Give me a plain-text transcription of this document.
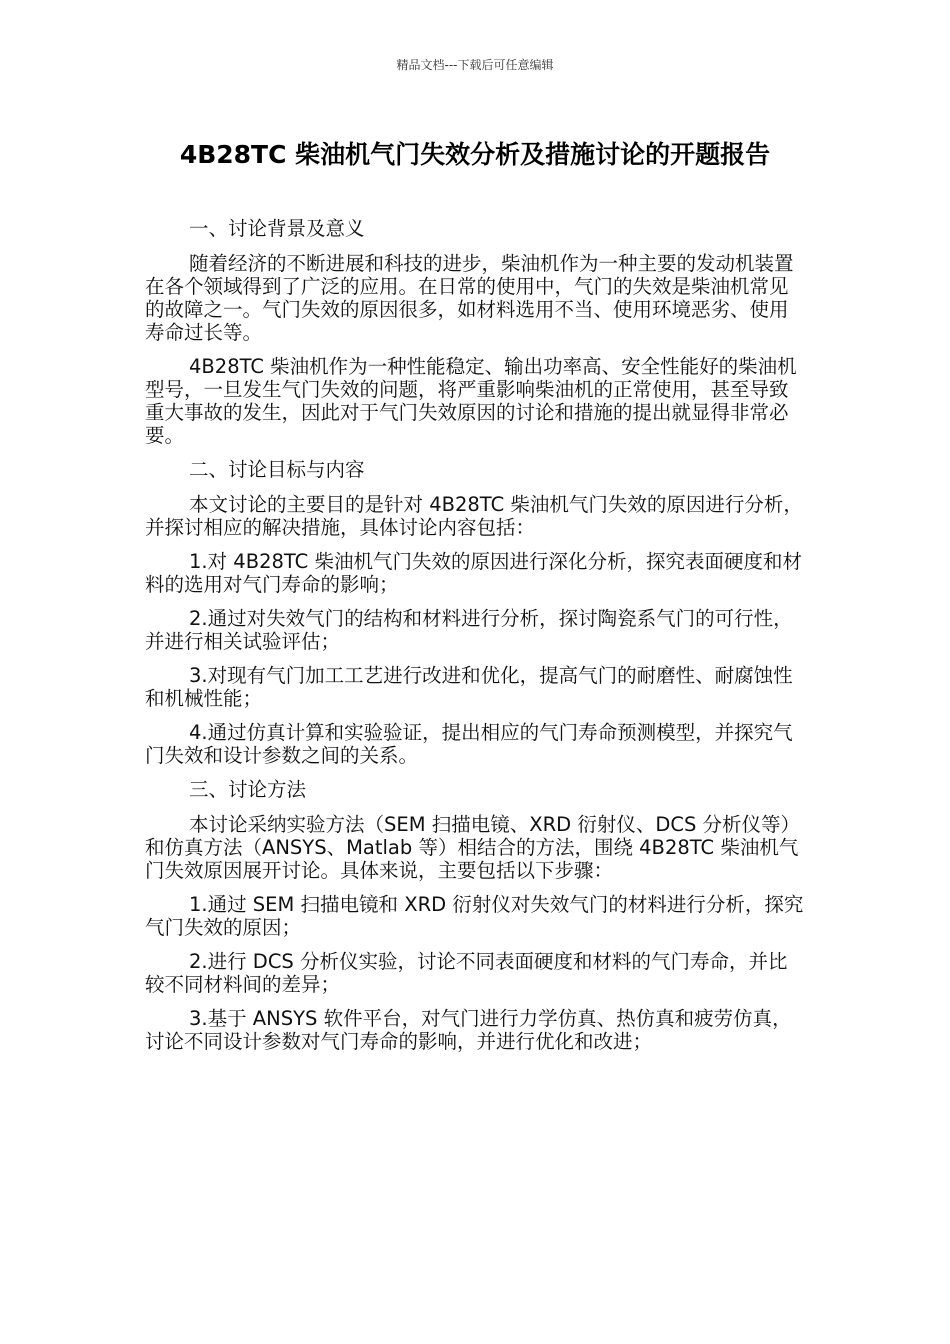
精品文档---下载后可任意编辑
4B28TC 柴油机气门失效分析及措施讨论的开题报告

一、讨论背景及意义

随着经济的不断进展和科技的进步，柴油机作为一种主要的发动机装置在各个领域得到了广泛的应用。在日常的使用中，气门的失效是柴油机常见的故障之一。气门失效的原因很多，如材料选用不当、使用环境恶劣、使用寿命过长等。

4B28TC 柴油机作为一种性能稳定、输出功率高、安全性能好的柴油机型号，一旦发生气门失效的问题，将严重影响柴油机的正常使用，甚至导致重大事故的发生，因此对于气门失效原因的讨论和措施的提出就显得非常必要。

二、讨论目标与内容

本文讨论的主要目的是针对 4B28TC 柴油机气门失效的原因进行分析，并探讨相应的解决措施，具体讨论内容包括：

1.对 4B28TC 柴油机气门失效的原因进行深化分析，探究表面硬度和材料的选用对气门寿命的影响；

2.通过对失效气门的结构和材料进行分析，探讨陶瓷系气门的可行性，并进行相关试验评估；

3.对现有气门加工工艺进行改进和优化，提高气门的耐磨性、耐腐蚀性和机械性能；

4.通过仿真计算和实验验证，提出相应的气门寿命预测模型，并探究气门失效和设计参数之间的关系。

三、讨论方法

本讨论采纳实验方法（SEM 扫描电镜、XRD 衍射仪、DCS 分析仪等）和仿真方法（ANSYS、Matlab 等）相结合的方法，围绕 4B28TC 柴油机气门失效原因展开讨论。具体来说，主要包括以下步骤：

1.通过 SEM 扫描电镜和 XRD 衍射仪对失效气门的材料进行分析，探究气门失效的原因；

2.进行 DCS 分析仪实验，讨论不同表面硬度和材料的气门寿命，并比较不同材料间的差异；

3.基于 ANSYS 软件平台，对气门进行力学仿真、热仿真和疲劳仿真，讨论不同设计参数对气门寿命的影响，并进行优化和改进；
